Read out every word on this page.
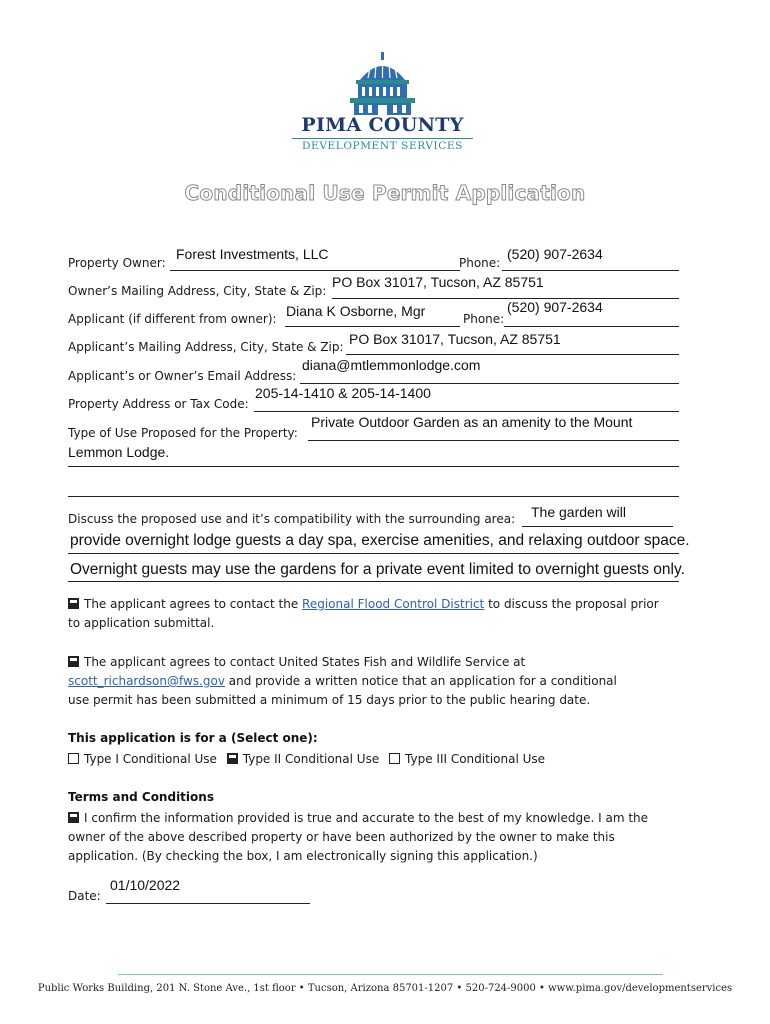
PIMA COUNTY
DEVELOPMENT SERVICES
Conditional Use Permit Application
Property Owner:
Forest Investments, LLC
Phone:
(520) 907-2634
Owner’s Mailing Address, City, State & Zip:
PO Box 31017, Tucson, AZ 85751
Applicant (if different from owner): Diana K Osborne, Mgr	Phone:
(520) 907-2634
Applicant’s Mailing Address, City, State & Zip: PO Box 31017, Tucson, AZ 85751
Applicant’s or Owner’s Email Address:
diana@mtlemmonlodge.com
Property Address or Tax Code:
205-14-1410 & 205-14-1400
Type of Use Proposed for the Property:
Private Outdoor Garden as an amenity to the Mount
Lemmon Lodge.
Discuss the proposed use and it’s compatibility with the surrounding area: The garden will
provide overnight lodge guests a day spa, exercise amenities, and relaxing outdoor space.
Overnight guests may use the gardens for a private event limited to overnight guests only.
The applicant agrees to contact the Regional Flood Control District to discuss the proposal prior
to application submittal.
The applicant agrees to contact United States Fish and Wildlife Service at
scott_richardson@fws.gov and provide a written notice that an application for a conditional
use permit has been submitted a minimum of 15 days prior to the public hearing date.
This application is for a (Select one):
Type I Conditional Use Type II Conditional Use Type III Conditional Use
Terms and Conditions
I confirm the information provided is true and accurate to the best of my knowledge. I am the
owner of the above described property or have been authorized by the owner to make this
application. (By checking the box, I am electronically signing this application.)
Date:
01/10/2022
Public Works Building, 201 N. Stone Ave., 1st floor • Tucson, Arizona 85701-1207 • 520-724-9000 • www.pima.gov/developmentservices
